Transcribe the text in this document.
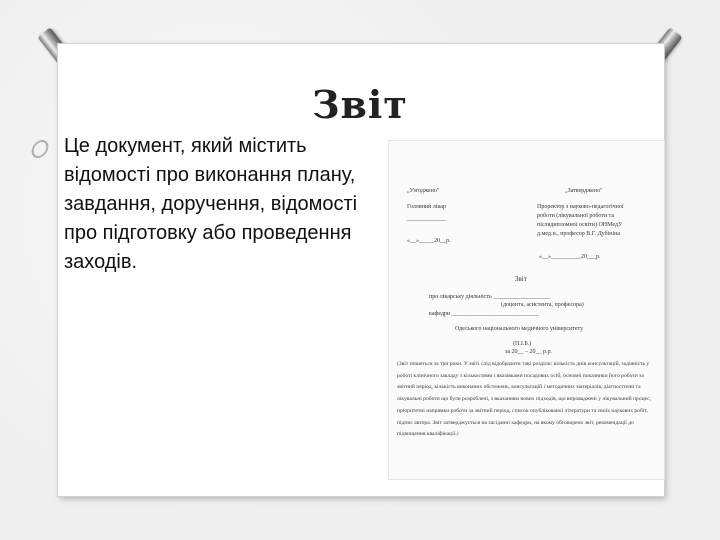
Звіт
Це документ, який містить відомості про виконання плану, завдання, доручення, відомості про підготовку або проведення заходів.
„Узгоджено"
Головний лікар
_____________
«__»_____20__р.
„Затверджено"
Проректор з науково-педагогічної
роботи (лікувальної роботи та
післядипломної освіти) ОНМедУ
д.мед.н., професор В.Г. Дубініна
«__»__________20___р.
Звіт
про лікарську діяльність ___________________
(доцента, асистента, професора)
кафедри _____________________________
Одеського національного медичного університету
(П.І.Б.)
за 20__ – 20__ р.р.
(Звіт пишеться за три роки. У звіті слід відобразити такі розділи: кількість днів консультацій, задіяність у роботі клінічного закладу з кількостями і вказівками посадових осіб, основні показники його роботи за звітний період, кількість виконаних обстежень, консультацій і методичних матеріалів, діагностичні та лікувальні роботи що були розроблені, з вказанням нових підходів, що впроваджені у лікувальний процес, пріоритетні напрямки роботи за звітний період, список опублікованої літератури та своїх наукових робіт, підпис автора. Звіт затверджується на засіданні кафедри, на якому обговорено звіт, рекомендації до підвищення кваліфікації.)
